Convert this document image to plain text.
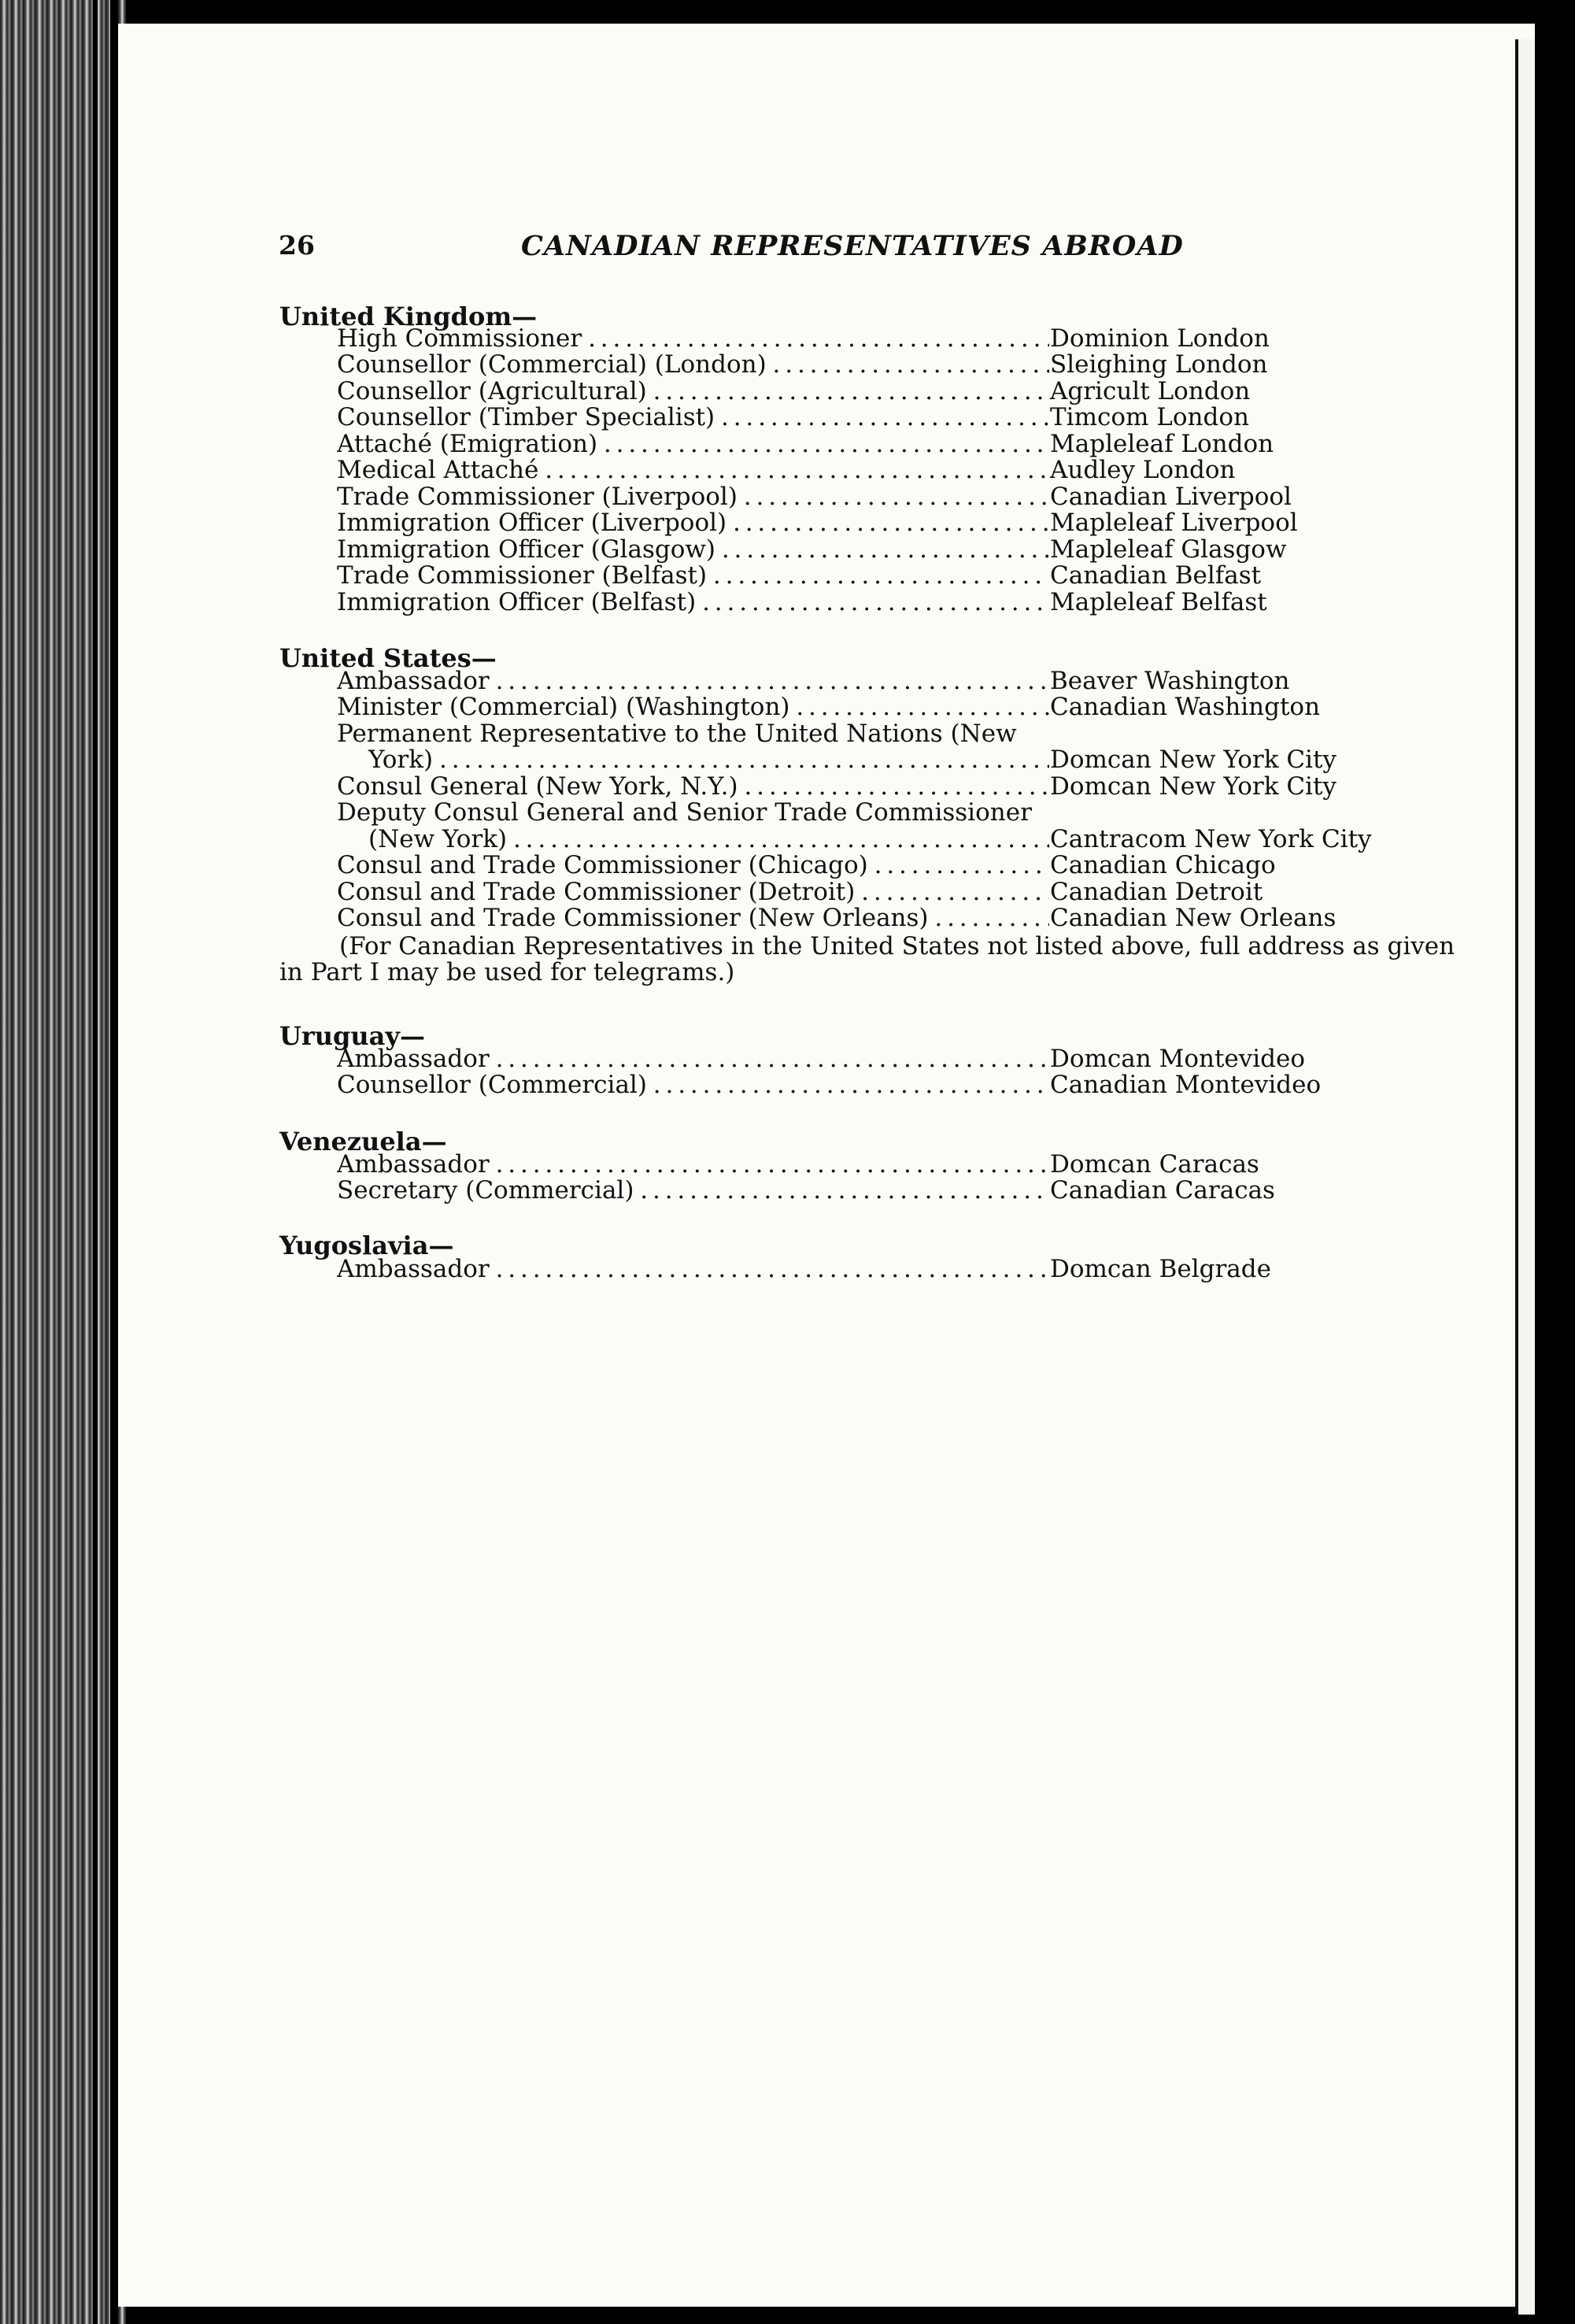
26	CANADIAN REPRESENTATIVES ABROAD
United Kingdom—
High Commissioner . . .	Dominion London
Counsellor (Commercial) (London) . . .	Sleighing London
Counsellor (Agricultural) . . .	Agricult London
Counsellor (Timber Specialist) . . .	Timcom London
Attaché (Emigration) . . .	Mapleleaf London
Medical Attaché . . .	Audley London
Trade Commissioner (Liverpool) . . .	Canadian Liverpool
Immigration Officer (Liverpool) . . .	Mapleleaf Liverpool
Immigration Officer (Glasgow) . . .	Mapleleaf Glasgow
Trade Commissioner (Belfast) . . .	Canadian Belfast
Immigration Officer (Belfast) . . .	Mapleleaf Belfast
United States—
Ambassador . . .	Beaver Washington
Minister (Commercial) (Washington) . . .	Canadian Washington
Permanent Representative to the United Nations (New
York) . . .	Domcan New York City
Consul General (New York, N.Y.) . . .	Domcan New York City
Deputy Consul General and Senior Trade Commissioner
(New York) . . .	Cantracom New York City
Consul and Trade Commissioner (Chicago) . . .	Canadian Chicago
Consul and Trade Commissioner (Detroit) . . .	Canadian Detroit
Consul and Trade Commissioner (New Orleans) . . .	Canadian New Orleans
(For Canadian Representatives in the United States not listed above, full address as given
in Part I may be used for telegrams.)
Uruguay—
Ambassador . . .	Domcan Montevideo
Counsellor (Commercial) . . .	Canadian Montevideo
Venezuela—
Ambassador . . .	Domcan Caracas
Secretary (Commercial) . . .	Canadian Caracas
Yugoslavia—
Ambassador . . .	Domcan Belgrade
